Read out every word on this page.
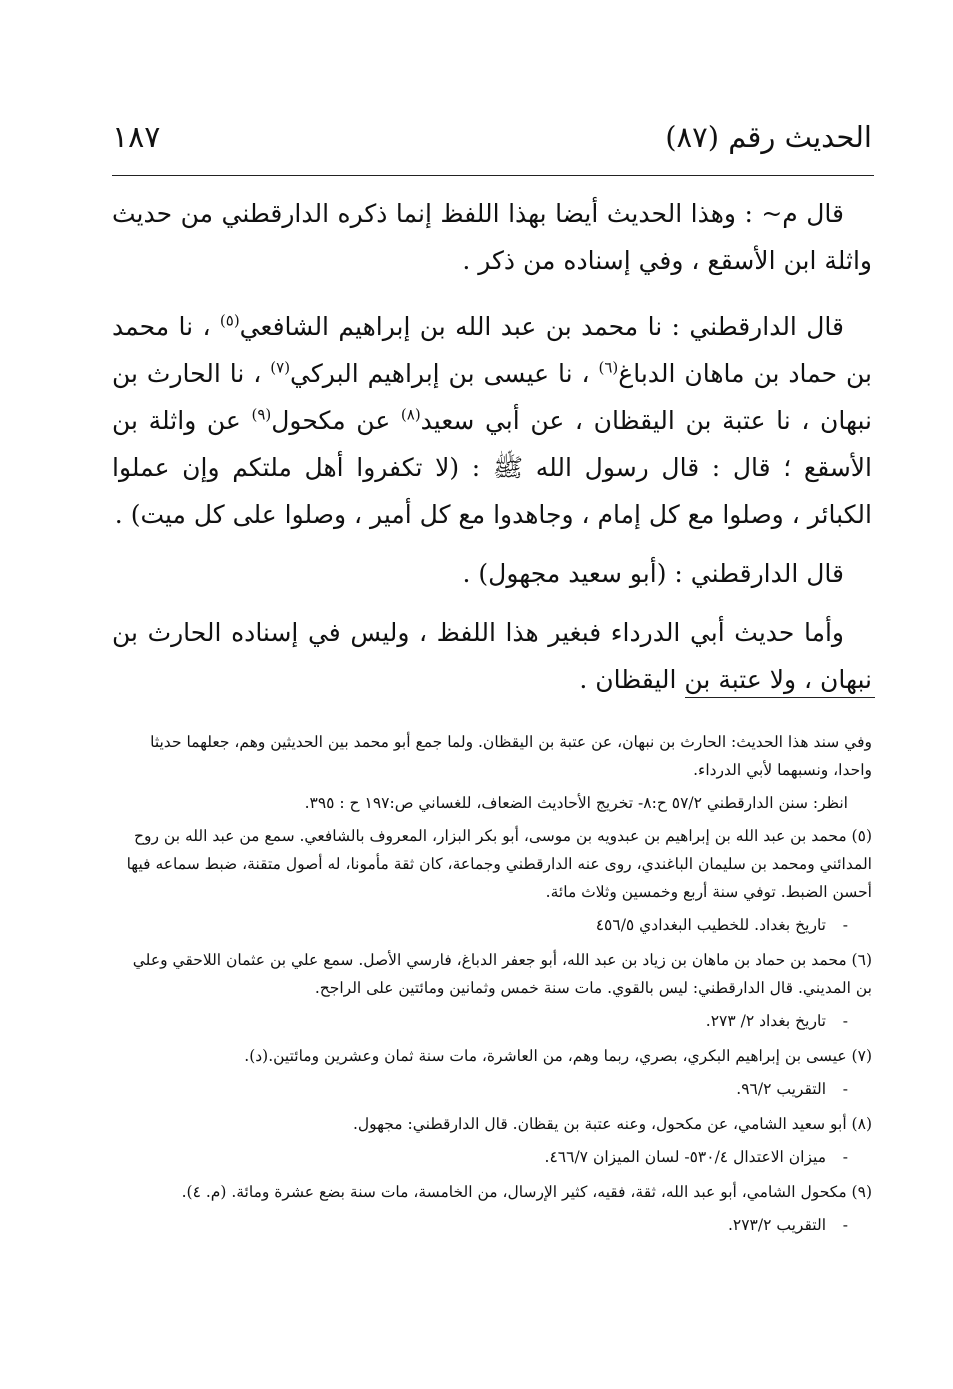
الحديث رقم (٨٧)
١٨٧

قال م~ : وهذا الحديث أيضا بهذا اللفظ إنما ذكره الدارقطني من حديث واثلة ابن الأسقع ، وفي إسناده من ذكر .

قال الدارقطني : نا محمد بن عبد الله بن إبراهيم الشافعي$^{(٥)}$ ، نا محمد بن حماد بن ماهان الدباغ$^{(٦)}$ ، نا عيسى بن إبراهيم البركي$^{(٧)}$ ، نا الحارث بن نبهان ، نا عتبة بن اليقظان ، عن أبي سعيد$^{(٨)}$ عن مكحول$^{(٩)}$ عن واثلة بن الأسقع ؛ قال : قال رسول الله ﷺ : (لا تكفروا أهل ملتكم وإن عملوا الكبائر ، وصلوا مع كل إمام ، وجاهدوا مع كل أمير ، وصلوا على كل ميت) .

قال الدارقطني : (أبو سعيد مجهول) .

وأما حديث أبي الدرداء فبغير هذا اللفظ ، وليس في إسناده الحارث بن نبهان ، ولا عتبة بن اليقظان .

وفي سند هذا الحديث: الحارث بن نبهان، عن عتبة بن اليقظان. ولما جمع أبو محمد بين الحديثين وهم، جعلهما حديثا واحدا، ونسبهما لأبي الدرداء.

انظر: سنن الدارقطني ٥٧/٢ ح:٨- تخريج الأحاديث الضعاف، للغساني ص:١٩٧ ح : ٣٩٥.

(٥) محمد بن عبد الله بن إبراهيم بن عبدويه بن موسى، أبو بكر البزار، المعروف بالشافعي. سمع من عبد الله بن روح المدائني ومحمد بن سليمان الباغندي، روى عنه الدارقطني وجماعة، كان ثقة مأمونا، له أصول متقنة، ضبط سماعه فيها أحسن الضبط. توفي سنة أربع وخمسين وثلاث مائة.

-تاريخ بغداد. للخطيب البغدادي ٤٥٦/٥

(٦) محمد بن حماد بن ماهان بن زياد بن عبد الله، أبو جعفر الدباغ، فارسي الأصل. سمع علي بن عثمان اللاحقي وعلي بن المديني. قال الدارقطني: ليس بالقوي. مات سنة خمس وثمانين ومائتين على الراجح.

-تاريخ بغداد ٢/ ٢٧٣.

(٧) عيسى بن إبراهيم البكري، بصري، ربما وهم، من العاشرة، مات سنة ثمان وعشرين ومائتين.(د).

-التقريب ٩٦/٢.

(٨) أبو سعيد الشامي، عن مكحول، وعنه عتبة بن يقظان. قال الدارقطني: مجهول.

-ميزان الاعتدال ٥٣٠/٤- لسان الميزان ٤٦٦/٧.

(٩) مكحول الشامي، أبو عبد الله، ثقة، فقيه، كثير الإرسال، من الخامسة، مات سنة بضع عشرة ومائة. (م. ٤).

-التقريب ٢٧٣/٢.
